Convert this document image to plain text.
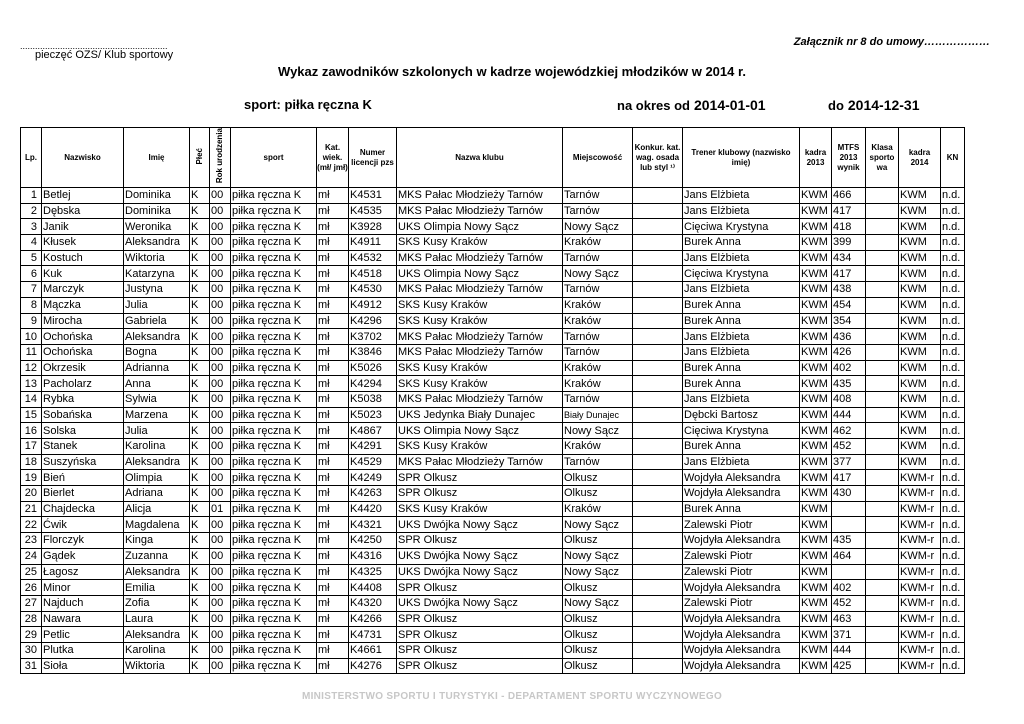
...........................................................
pieczęć OZS/ Klub sportowy
Załącznik nr 8 do umowy………………
Wykaz zawodników szkolonych w kadrze wojewódzkiej młodzików w 2014 r.
sport: piłka ręczna K	na okres od 2014-01-01	do 2014-12-31
Lp.	Nazwisko	Imię	Płeć	Rok urodzenia	sport	Kat. wiek. (mł/ jmł)	Numer licencji pzs	Nazwa klubu	Miejscowość	Konkur. kat. wag. osada lub styl ¹⁾	Trener klubowy (nazwisko imię)	kadra 2013	MTFS 2013 wynik	Klasa sporto wa	kadra 2014	KN
1	Betlej	Dominika	K	00	piłka ręczna K	mł	K4531	MKS Pałac Młodzieży Tarnów	Tarnów		Jans Elżbieta	KWM	466		KWM	n.d.
2	Dębska	Dominika	K	00	piłka ręczna K	mł	K4535	MKS Pałac Młodzieży Tarnów	Tarnów		Jans Elżbieta	KWM	417		KWM	n.d.
3	Janik	Weronika	K	00	piłka ręczna K	mł	K3928	UKS Olimpia Nowy Sącz	Nowy Sącz		Cięciwa Krystyna	KWM	418		KWM	n.d.
4	Kłusek	Aleksandra	K	00	piłka ręczna K	mł	K4911	SKS Kusy Kraków	Kraków		Burek Anna	KWM	399		KWM	n.d.
5	Kostuch	Wiktoria	K	00	piłka ręczna K	mł	K4532	MKS Pałac Młodzieży Tarnów	Tarnów		Jans Elżbieta	KWM	434		KWM	n.d.
6	Kuk	Katarzyna	K	00	piłka ręczna K	mł	K4518	UKS Olimpia Nowy Sącz	Nowy Sącz		Cięciwa Krystyna	KWM	417		KWM	n.d.
7	Marczyk	Justyna	K	00	piłka ręczna K	mł	K4530	MKS Pałac Młodzieży Tarnów	Tarnów		Jans Elżbieta	KWM	438		KWM	n.d.
8	Mączka	Julia	K	00	piłka ręczna K	mł	K4912	SKS Kusy Kraków	Kraków		Burek Anna	KWM	454		KWM	n.d.
9	Mirocha	Gabriela	K	00	piłka ręczna K	mł	K4296	SKS Kusy Kraków	Kraków		Burek Anna	KWM	354		KWM	n.d.
10	Ochońska	Aleksandra	K	00	piłka ręczna K	mł	K3702	MKS Pałac Młodzieży Tarnów	Tarnów		Jans Elżbieta	KWM	436		KWM	n.d.
11	Ochońska	Bogna	K	00	piłka ręczna K	mł	K3846	MKS Pałac Młodzieży Tarnów	Tarnów		Jans Elżbieta	KWM	426		KWM	n.d.
12	Okrzesik	Adrianna	K	00	piłka ręczna K	mł	K5026	SKS Kusy Kraków	Kraków		Burek Anna	KWM	402		KWM	n.d.
13	Pacholarz	Anna	K	00	piłka ręczna K	mł	K4294	SKS Kusy Kraków	Kraków		Burek Anna	KWM	435		KWM	n.d.
14	Rybka	Sylwia	K	00	piłka ręczna K	mł	K5038	MKS Pałac Młodzieży Tarnów	Tarnów		Jans Elżbieta	KWM	408		KWM	n.d.
15	Sobańska	Marzena	K	00	piłka ręczna K	mł	K5023	UKS Jedynka Biały Dunajec	Biały Dunajec		Dębcki Bartosz	KWM	444		KWM	n.d.
16	Solska	Julia	K	00	piłka ręczna K	mł	K4867	UKS Olimpia Nowy Sącz	Nowy Sącz		Cięciwa Krystyna	KWM	462		KWM	n.d.
17	Stanek	Karolina	K	00	piłka ręczna K	mł	K4291	SKS Kusy Kraków	Kraków		Burek Anna	KWM	452		KWM	n.d.
18	Suszyńska	Aleksandra	K	00	piłka ręczna K	mł	K4529	MKS Pałac Młodzieży Tarnów	Tarnów		Jans Elżbieta	KWM	377		KWM	n.d.
19	Bień	Olimpia	K	00	piłka ręczna K	mł	K4249	SPR Olkusz	Olkusz		Wojdyła Aleksandra	KWM	417		KWM-r	n.d.
20	Bierlet	Adriana	K	00	piłka ręczna K	mł	K4263	SPR Olkusz	Olkusz		Wojdyła Aleksandra	KWM	430		KWM-r	n.d.
21	Chajdecka	Alicja	K	01	piłka ręczna K	mł	K4420	SKS Kusy Kraków	Kraków		Burek Anna	KWM			KWM-r	n.d.
22	Ćwik	Magdalena	K	00	piłka ręczna K	mł	K4321	UKS Dwójka Nowy Sącz	Nowy Sącz		Zalewski Piotr	KWM			KWM-r	n.d.
23	Florczyk	Kinga	K	00	piłka ręczna K	mł	K4250	SPR Olkusz	Olkusz		Wojdyła Aleksandra	KWM	435		KWM-r	n.d.
24	Gądek	Zuzanna	K	00	piłka ręczna K	mł	K4316	UKS Dwójka Nowy Sącz	Nowy Sącz		Zalewski Piotr	KWM	464		KWM-r	n.d.
25	Łagosz	Aleksandra	K	00	piłka ręczna K	mł	K4325	UKS Dwójka Nowy Sącz	Nowy Sącz		Zalewski Piotr	KWM			KWM-r	n.d.
26	Minor	Emilia	K	00	piłka ręczna K	mł	K4408	SPR Olkusz	Olkusz		Wojdyła Aleksandra	KWM	402		KWM-r	n.d.
27	Najduch	Zofia	K	00	piłka ręczna K	mł	K4320	UKS Dwójka Nowy Sącz	Nowy Sącz		Zalewski Piotr	KWM	452		KWM-r	n.d.
28	Nawara	Laura	K	00	piłka ręczna K	mł	K4266	SPR Olkusz	Olkusz		Wojdyła Aleksandra	KWM	463		KWM-r	n.d.
29	Petlic	Aleksandra	K	00	piłka ręczna K	mł	K4731	SPR Olkusz	Olkusz		Wojdyła Aleksandra	KWM	371		KWM-r	n.d.
30	Plutka	Karolina	K	00	piłka ręczna K	mł	K4661	SPR Olkusz	Olkusz		Wojdyła Aleksandra	KWM	444		KWM-r	n.d.
31	Sioła	Wiktoria	K	00	piłka ręczna K	mł	K4276	SPR Olkusz	Olkusz		Wojdyła Aleksandra	KWM	425		KWM-r	n.d.
MINISTERSTWO SPORTU I TURYSTYKI - DEPARTAMENT SPORTU WYCZYNOWEGO
